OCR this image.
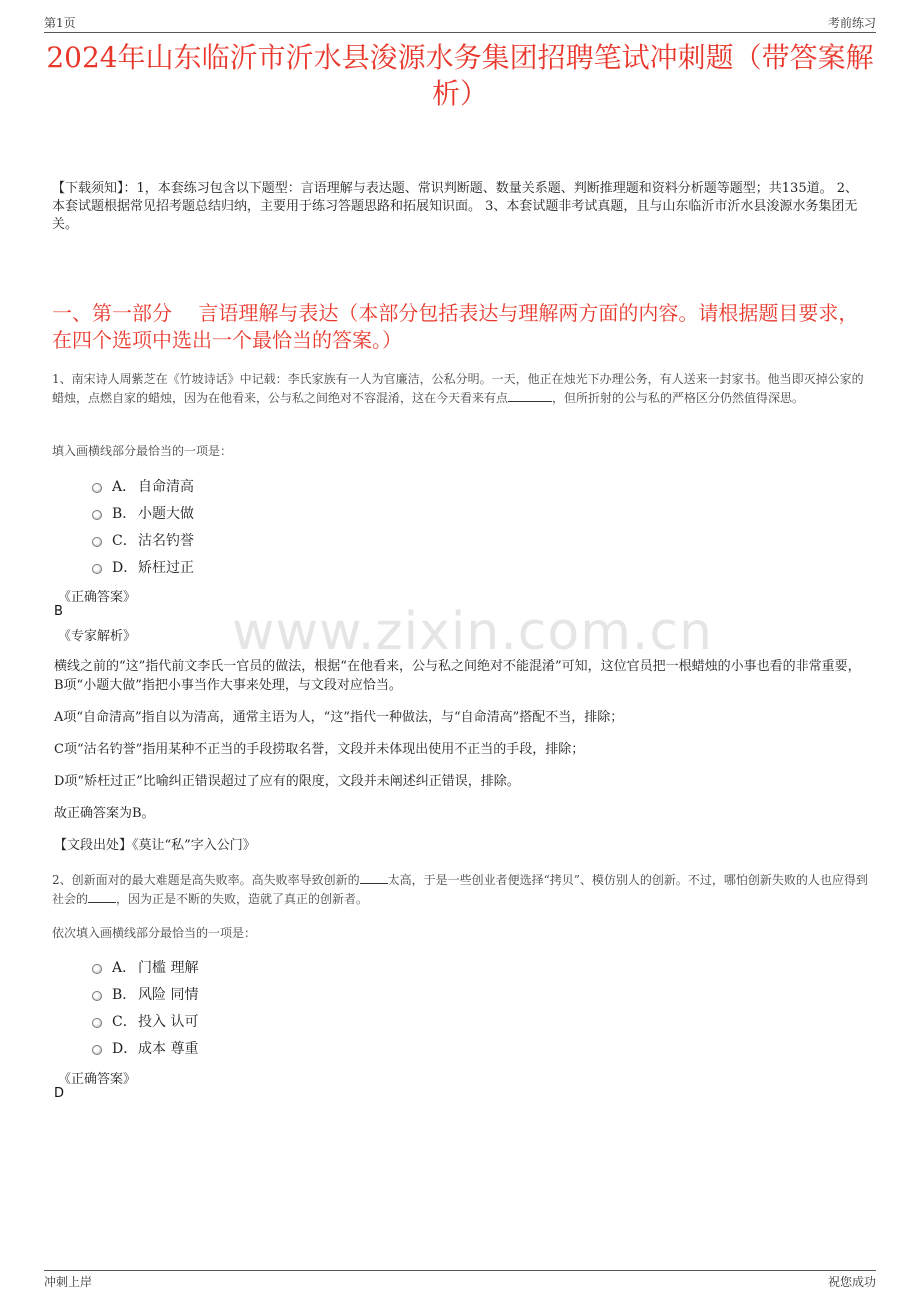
第1页	考前练习
2024年山东临沂市沂水县浚源水务集团招聘笔试冲刺题（带答案解析）
【下载须知】：1，本套练习包含以下题型：言语理解与表达题、常识判断题、数量关系题、判断推理题和资料分析题等题型；共135道。 2、本套试题根据常见招考题总结归纳，主要用于练习答题思路和拓展知识面。 3、本套试题非考试真题，且与山东临沂市沂水县浚源水务集团无关。
一、第一部分　 言语理解与表达（本部分包括表达与理解两方面的内容。请根据题目要求，在四个选项中选出一个最恰当的答案。）
1、南宋诗人周紫芝在《竹坡诗话》中记载：李氏家族有一人为官廉洁，公私分明。一天，他正在烛光下办理公务，有人送来一封家书。他当即灭掉公家的蜡烛，点燃自家的蜡烛，因为在他看来，公与私之间绝对不容混淆，这在今天看来有点	，但所折射的公与私的严格区分仍然值得深思。
填入画横线部分最恰当的一项是：
A． 自命清高
B． 小题大做
C． 沽名钓誉
D． 矫枉过正
《正确答案》
B
《专家解析》 www.zixin.com.cn
横线之前的“这”指代前文李氏一官员的做法，根据“在他看来，公与私之间绝对不能混淆”可知，这位官员把一根蜡烛的小事也看的非常重要，B项“小题大做”指把小事当作大事来处理，与文段对应恰当。
A项“自命清高”指自以为清高，通常主语为人，“这”指代一种做法，与“自命清高”搭配不当，排除；
C项“沽名钓誉”指用某种不正当的手段捞取名誉，文段并未体现出使用不正当的手段，排除；
D项“矫枉过正”比喻纠正错误超过了应有的限度，文段并未阐述纠正错误，排除。
故正确答案为B。
【文段出处】《莫让“私”字入公门》
2、创新面对的最大难题是高失败率。高失败率导致创新的 太高，于是一些创业者便选择“拷贝”、模仿别人的创新。不过，哪怕创新失败的人也应得到社会的 ，因为正是不断的失败，造就了真正的创新者。
依次填入画横线部分最恰当的一项是：
A． 门槛 理解
B． 风险 同情
C． 投入 认可
D． 成本 尊重
《正确答案》
D
冲刺上岸	祝您成功
